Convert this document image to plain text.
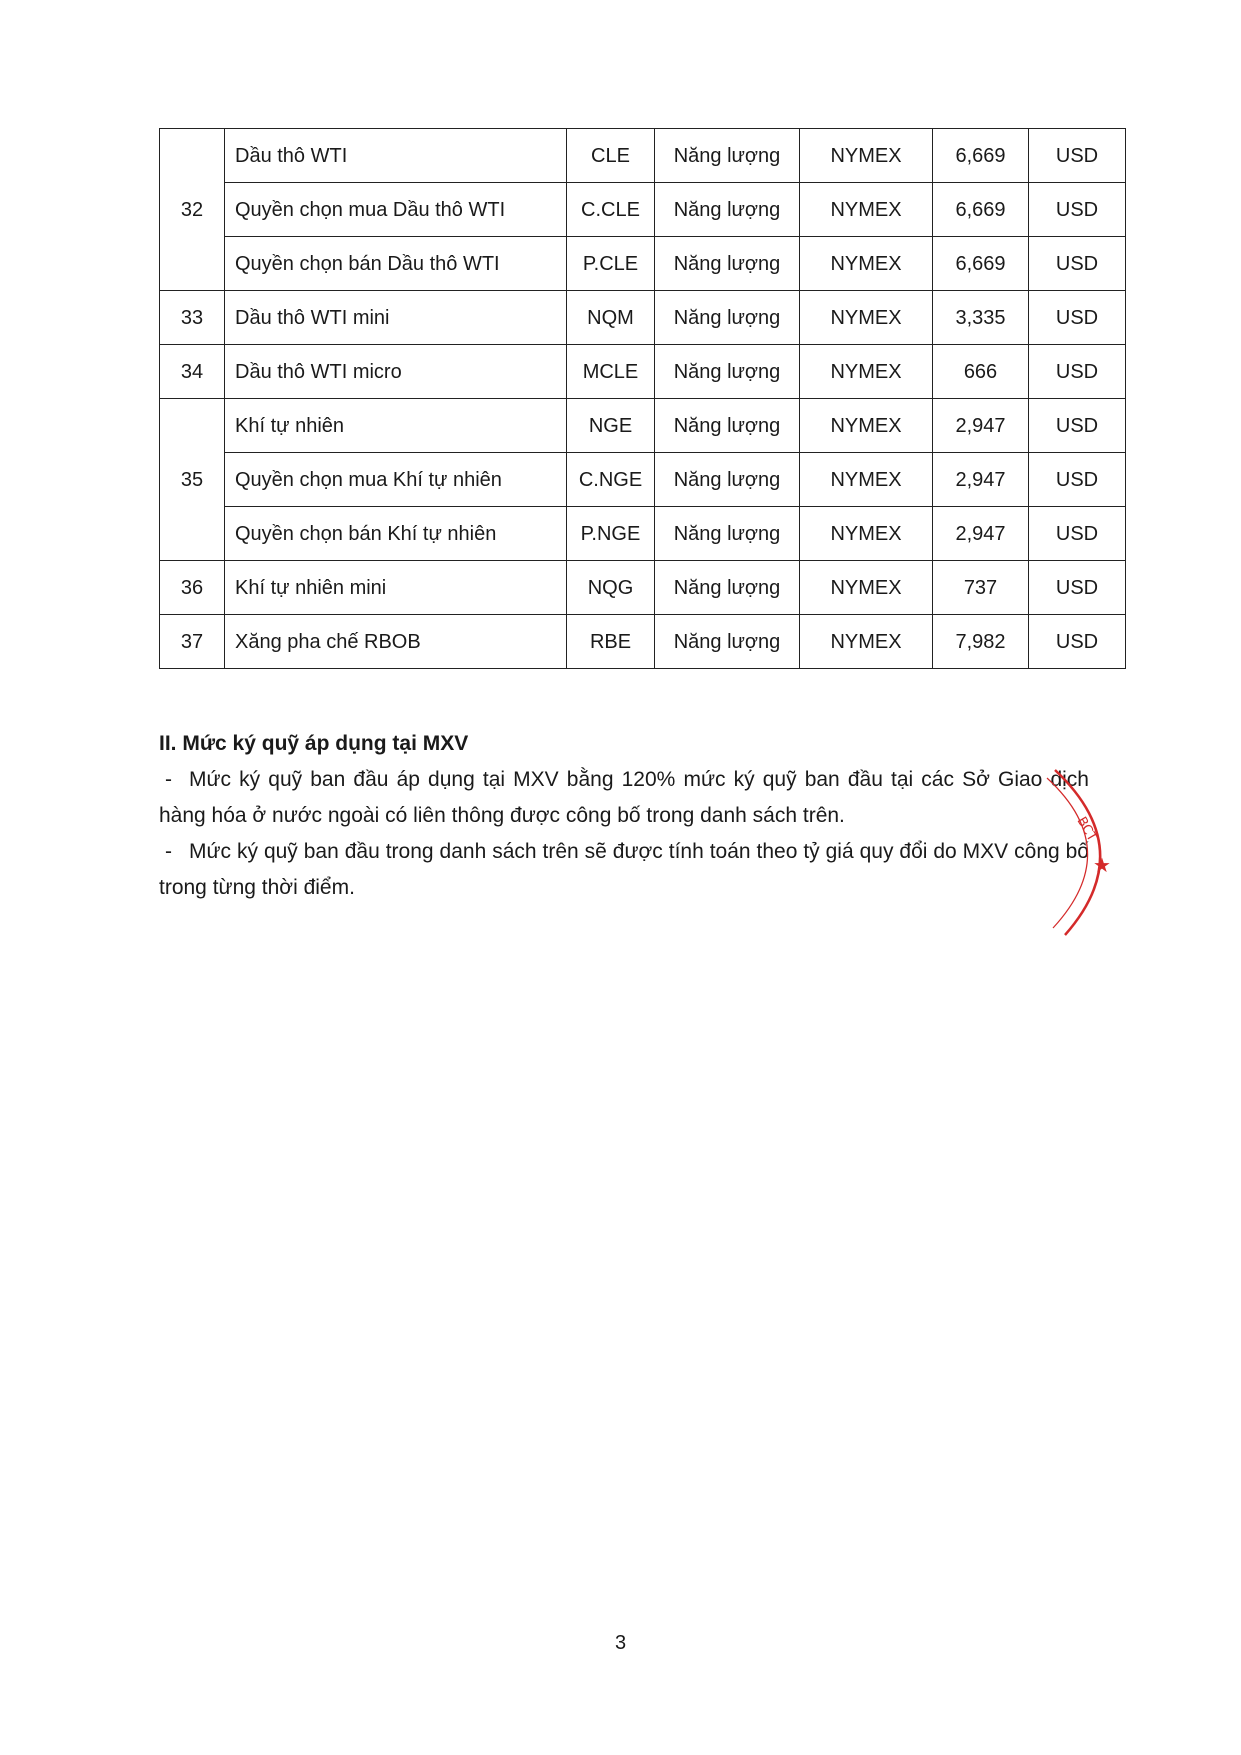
32	Dầu thô WTI	CLE	Năng lượng	NYMEX	6,669	USD
	Quyền chọn mua Dầu thô WTI	C.CLE	Năng lượng	NYMEX	6,669	USD
	Quyền chọn bán Dầu thô WTI	P.CLE	Năng lượng	NYMEX	6,669	USD
33	Dầu thô WTI mini	NQM	Năng lượng	NYMEX	3,335	USD
34	Dầu thô WTI micro	MCLE	Năng lượng	NYMEX	666	USD
35	Khí tự nhiên	NGE	Năng lượng	NYMEX	2,947	USD
	Quyền chọn mua Khí tự nhiên	C.NGE	Năng lượng	NYMEX	2,947	USD
	Quyền chọn bán Khí tự nhiên	P.NGE	Năng lượng	NYMEX	2,947	USD
36	Khí tự nhiên mini	NQG	Năng lượng	NYMEX	737	USD
37	Xăng pha chế RBOB	RBE	Năng lượng	NYMEX	7,982	USD
II. Mức ký quỹ áp dụng tại MXV

- Mức ký quỹ ban đầu áp dụng tại MXV bằng 120% mức ký quỹ ban đầu tại các Sở Giao dịch hàng hóa ở nước ngoài có liên thông được công bố trong danh sách trên.

- Mức ký quỹ ban đầu trong danh sách trên sẽ được tính toán theo tỷ giá quy đổi do MXV công bố trong từng thời điểm.

BCT
★
3
